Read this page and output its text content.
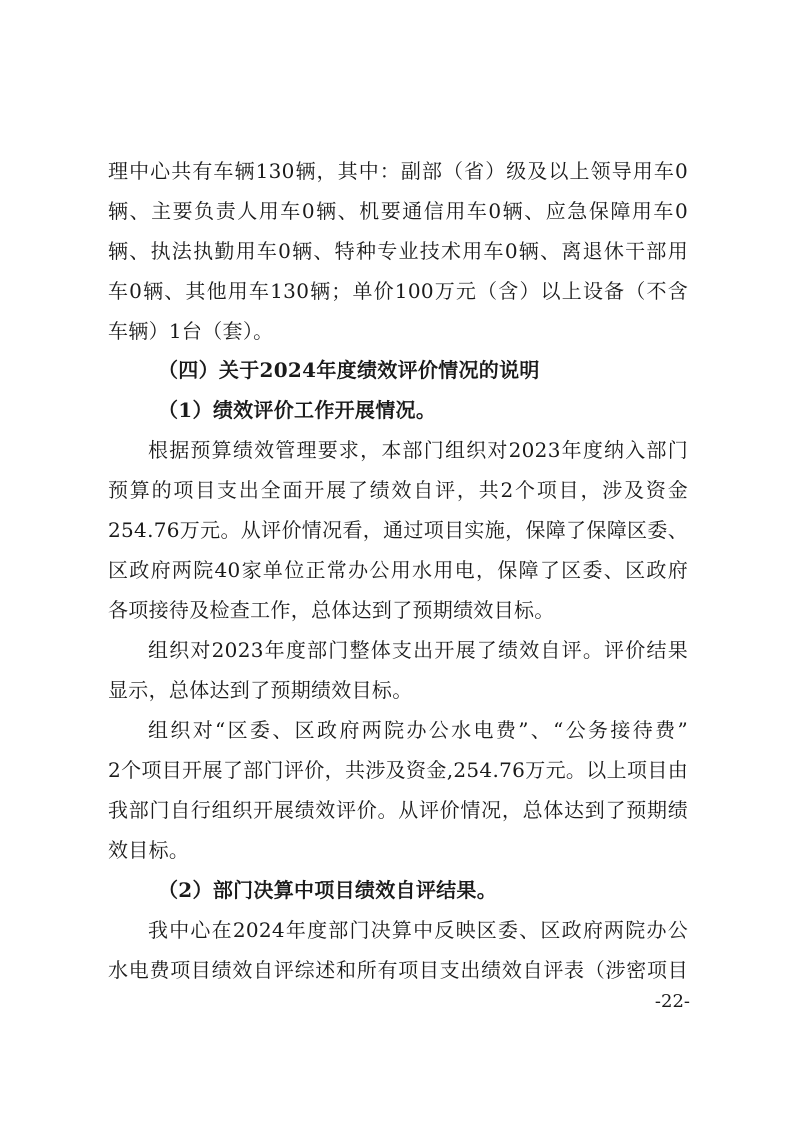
理中心共有车辆130辆，其中：副部（省）级及以上领导用车0
辆、主要负责人用车0辆、机要通信用车0辆、应急保障用车0
辆、执法执勤用车0辆、特种专业技术用车0辆、离退休干部用
车0辆、其他用车130辆；单价100万元（含）以上设备（不含
车辆）1台（套）。
（四）关于2024年度绩效评价情况的说明
（1）绩效评价工作开展情况。
根据预算绩效管理要求，本部门组织对2023年度纳入部门
预算的项目支出全面开展了绩效自评，共2个项目，涉及资金
254.76万元。从评价情况看，通过项目实施，保障了保障区委、
区政府两院40家单位正常办公用水用电，保障了区委、区政府
各项接待及检查工作，总体达到了预期绩效目标。
组织对2023年度部门整体支出开展了绩效自评。评价结果
显示，总体达到了预期绩效目标。
组织对“区委、区政府两院办公水电费”、“公务接待费”
2个项目开展了部门评价，共涉及资金,254.76万元。以上项目由
我部门自行组织开展绩效评价。从评价情况，总体达到了预期绩
效目标。
（2）部门决算中项目绩效自评结果。
我中心在2024年度部门决算中反映区委、区政府两院办公
水电费项目绩效自评综述和所有项目支出绩效自评表（涉密项目
-22-
